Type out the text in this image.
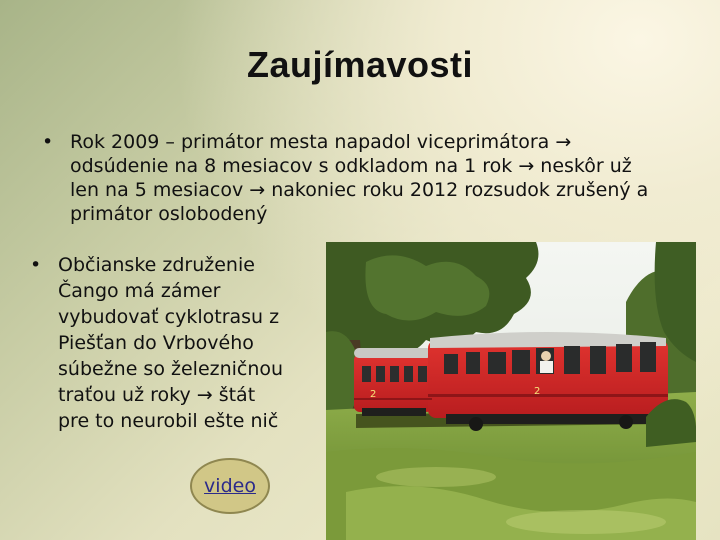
Zaujímavosti
• Rok 2009 – primátor mesta napadol viceprimátora → odsúdenie na 8 mesiacov s odkladom na 1 rok → neskôr už len na 5 mesiacov → nakoniec roku 2012 rozsudok zrušený a primátor oslobodený
• Občianske združenie Čango má zámer vybudovať cyklotrasu z Piešťan do Vrbového súbežne so železničnou traťou už roky → štát pre to neurobil ešte nič
video
2	2
